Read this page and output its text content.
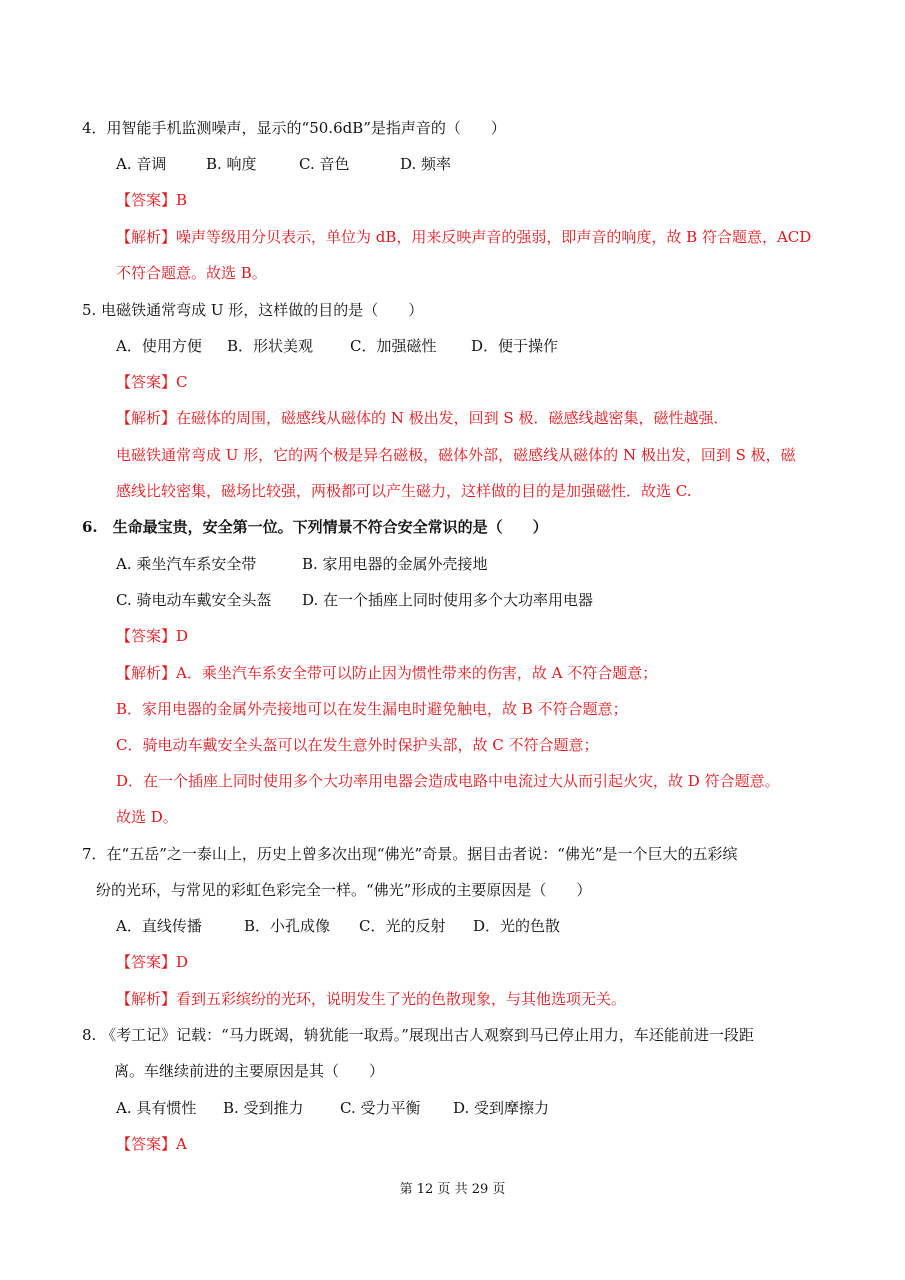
4．用智能手机监测噪声，显示的“50.6dB”是指声音的（　　）
A. 音调	B. 响度	C. 音色	D. 频率
【答案】B
【解析】噪声等级用分贝表示，单位为 dB，用来反映声音的强弱，即声音的响度，故 B 符合题意，ACD
不符合题意。故选 B。
5. 电磁铁通常弯成 U 形，这样做的目的是（　　）
A．使用方便 B．形状美观 C．加强磁性 D．便于操作
【答案】C
【解析】在磁体的周围，磁感线从磁体的 N 极出发，回到 S 极．磁感线越密集，磁性越强．
电磁铁通常弯成 U 形，它的两个极是异名磁极，磁体外部，磁感线从磁体的 N 极出发，回到 S 极，磁
感线比较密集，磁场比较强，两极都可以产生磁力，这样做的目的是加强磁性．故选 C.
6.　生命最宝贵，安全第一位。下列情景不符合安全常识的是（　　）
A. 乘坐汽车系安全带	B. 家用电器的金属外壳接地
C. 骑电动车戴安全头盔 D. 在一个插座上同时使用多个大功率用电器
【答案】D
【解析】A．乘坐汽车系安全带可以防止因为惯性带来的伤害，故 A 不符合题意；
B．家用电器的金属外壳接地可以在发生漏电时避免触电，故 B 不符合题意；
C．骑电动车戴安全头盔可以在发生意外时保护头部，故 C 不符合题意；
D．在一个插座上同时使用多个大功率用电器会造成电路中电流过大从而引起火灾，故 D 符合题意。
故选 D。
7．在“五岳”之一泰山上，历史上曾多次出现“佛光”奇景。据目击者说：“佛光”是一个巨大的五彩缤
纷的光环，与常见的彩虹色彩完全一样。“佛光”形成的主要原因是（　　）
A．直线传播	B．小孔成像 C．光的反射 D．光的色散
【答案】D
【解析】看到五彩缤纷的光环，说明发生了光的色散现象，与其他选项无关。
8. 《考工记》记载：“马力既竭，辀犹能一取焉。”展现出古人观察到马已停止用力，车还能前进一段距
离。车继续前进的主要原因是其（　　）
A. 具有惯性 B. 受到推力 C. 受力平衡 D. 受到摩擦力
【答案】A
第 12 页 共 29 页
